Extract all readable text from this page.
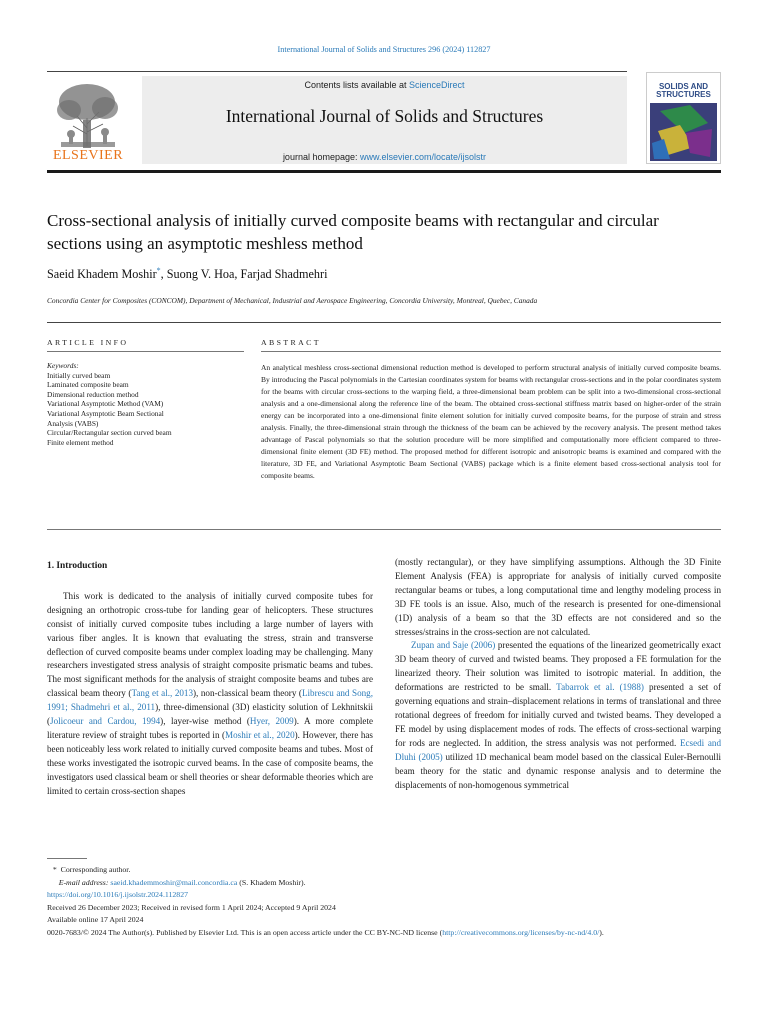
International Journal of Solids and Structures 296 (2024) 112827
ELSEVIER
Contents lists available at ScienceDirect
International Journal of Solids and Structures
journal homepage: www.elsevier.com/locate/ijsolstr
SOLIDS AND STRUCTURES
Cross-sectional analysis of initially curved composite beams with rectangular and circular sections using an asymptotic meshless method
Saeid Khadem Moshir*, Suong V. Hoa, Farjad Shadmehri
Concordia Center for Composites (CONCOM), Department of Mechanical, Industrial and Aerospace Engineering, Concordia University, Montreal, Quebec, Canada
ARTICLE INFO	ABSTRACT
Keywords:
Initially curved beam
Laminated composite beam
Dimensional reduction method
Variational Asymptotic Method (VAM)
Variational Asymptotic Beam Sectional
Analysis (VABS)
Circular/Rectangular section curved beam
Finite element method
An analytical meshless cross-sectional dimensional reduction method is developed to perform structural analysis of initially curved composite beams. By introducing the Pascal polynomials in the Cartesian coordinates system for beams with rectangular cross-sections and in the polar coordinates system for the beams with circular cross-sections to the warping field, a three-dimensional beam problem can be split into a two-dimensional cross-sectional analysis and a one-dimensional along the reference line of the beam. The obtained cross-sectional stiffness matrix based on higher-order of the strain energy can be incorporated into a one-dimensional finite element solution for initially curved composite beams, for the purpose of strain and stress analysis. Finally, the three-dimensional strain through the thickness of the beam can be achieved by the recovery analysis. The present method takes advantage of Pascal polynomials so that the solution procedure will be more simplified and computationally more efficient compared to three-dimensional finite element (3D FE) method. The proposed method for different isotropic and anisotropic beams is examined and compared with the literature, 3D FE, and Variational Asymptotic Beam Sectional (VABS) package which is a finite element based cross-sectional analysis tool for composite beams.
1. Introduction

This work is dedicated to the analysis of initially curved composite tubes for designing an orthotropic cross-tube for landing gear of helicopters. These structures consist of initially curved composite tubes including a large number of layers with various fiber angles. It is known that evaluating the stress, strain and transverse deflection of curved composite beams under complex loading may be challenging. Many researchers investigated stress analysis of straight composite prismatic beams and tubes. The most significant methods for the analysis of straight composite beams and tubes are classical beam theory (Tang et al., 2013), non-classical beam theory (Librescu and Song, 1991; Shadmehri et al., 2011), three-dimensional (3D) elasticity solution of Lekhnitskii (Jolicoeur and Cardou, 1994), layer-wise method (Hyer, 2009). A more complete literature review of straight tubes is reported in (Moshir et al., 2020). However, there has been noticeably less work related to initially curved composite beams and tubes. Most of these works investigated the isotropic curved beams. In the case of composite beams, the investigators used classical beam or shell theories or shear deformable theories which are limited to certain cross-section shapes

(mostly rectangular), or they have simplifying assumptions. Although the 3D Finite Element Analysis (FEA) is appropriate for analysis of initially curved composite rectangular beams or tubes, a long computational time and lengthy modeling process in 3D FE tools is an issue. Also, much of the research is presented for one-dimensional (1D) analysis of a beam so that the 3D effects are not considered and so the stresses/strains in the cross-section are not calculated.

Zupan and Saje (2006) presented the equations of the linearized geometrically exact 3D beam theory of curved and twisted beams. They proposed a FE formulation for the linearized theory. Their solution was limited to isotropic material. In addition, the deformations are restricted to be small. Tabarrok et al. (1988) presented a set of governing equations and strain–displacement relations in terms of translational and three rotational degrees of freedom for initially curved and twisted beams. They developed a FE model by using displacement modes of rods. The effects of cross-sectional warping for rods are neglected. In addition, the stress analysis was not performed. Ecsedi and Dluhi (2005) utilized 1D mechanical beam model based on the classical Euler-Bernoulli beam theory for the static and dynamic response analysis and to determine the displacements of non-homogenous symmetrical

* Corresponding author.

E-mail address: saeid.khademmoshir@mail.concordia.ca (S. Khadem Moshir).

https://doi.org/10.1016/j.ijsolstr.2024.112827

Received 26 December 2023; Received in revised form 1 April 2024; Accepted 9 April 2024

Available online 17 April 2024

0020-7683/© 2024 The Author(s). Published by Elsevier Ltd. This is an open access article under the CC BY-NC-ND license (http://creativecommons.org/licenses/by-nc-nd/4.0/).
